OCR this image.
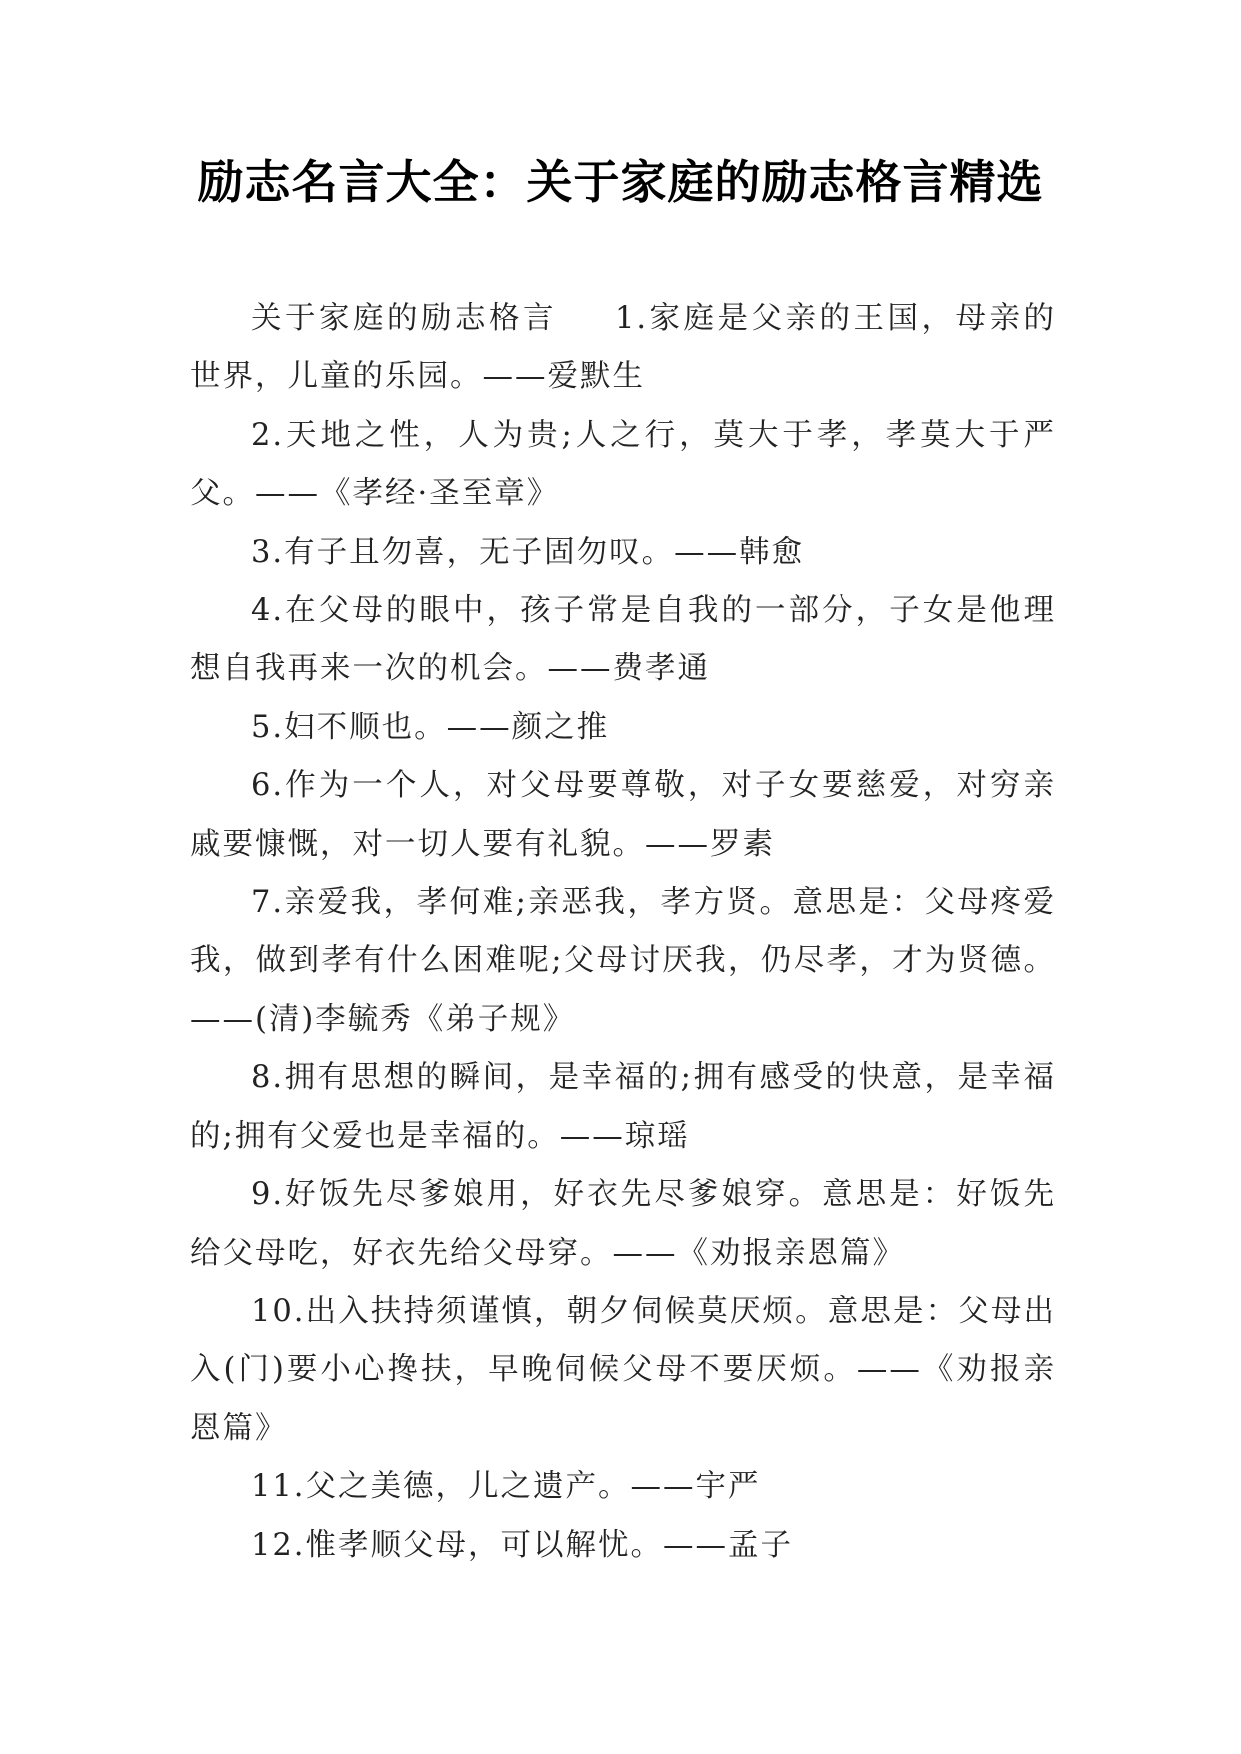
励志名言大全：关于家庭的励志格言精选

关于家庭的励志格言 1.家庭是父亲的王国，母亲的世界，儿童的乐园。——爱默生

2.天地之性，人为贵;人之行，莫大于孝，孝莫大于严父。——《孝经·圣至章》

3.有子且勿喜，无子固勿叹。——韩愈

4.在父母的眼中，孩子常是自我的一部分，子女是他理想自我再来一次的机会。——费孝通

5.妇不顺也。——颜之推

6.作为一个人，对父母要尊敬，对子女要慈爱，对穷亲戚要慷慨，对一切人要有礼貌。——罗素

7.亲爱我，孝何难;亲恶我，孝方贤。意思是：父母疼爱我，做到孝有什么困难呢;父母讨厌我，仍尽孝，才为贤德。——(清)李毓秀《弟子规》

8.拥有思想的瞬间，是幸福的;拥有感受的快意，是幸福的;拥有父爱也是幸福的。——琼瑶

9.好饭先尽爹娘用，好衣先尽爹娘穿。意思是：好饭先给父母吃，好衣先给父母穿。——《劝报亲恩篇》

10.出入扶持须谨慎，朝夕伺候莫厌烦。意思是：父母出入(门)要小心搀扶，早晚伺候父母不要厌烦。——《劝报亲恩篇》

11.父之美德，儿之遗产。——宇严

12.惟孝顺父母，可以解忧。——孟子
